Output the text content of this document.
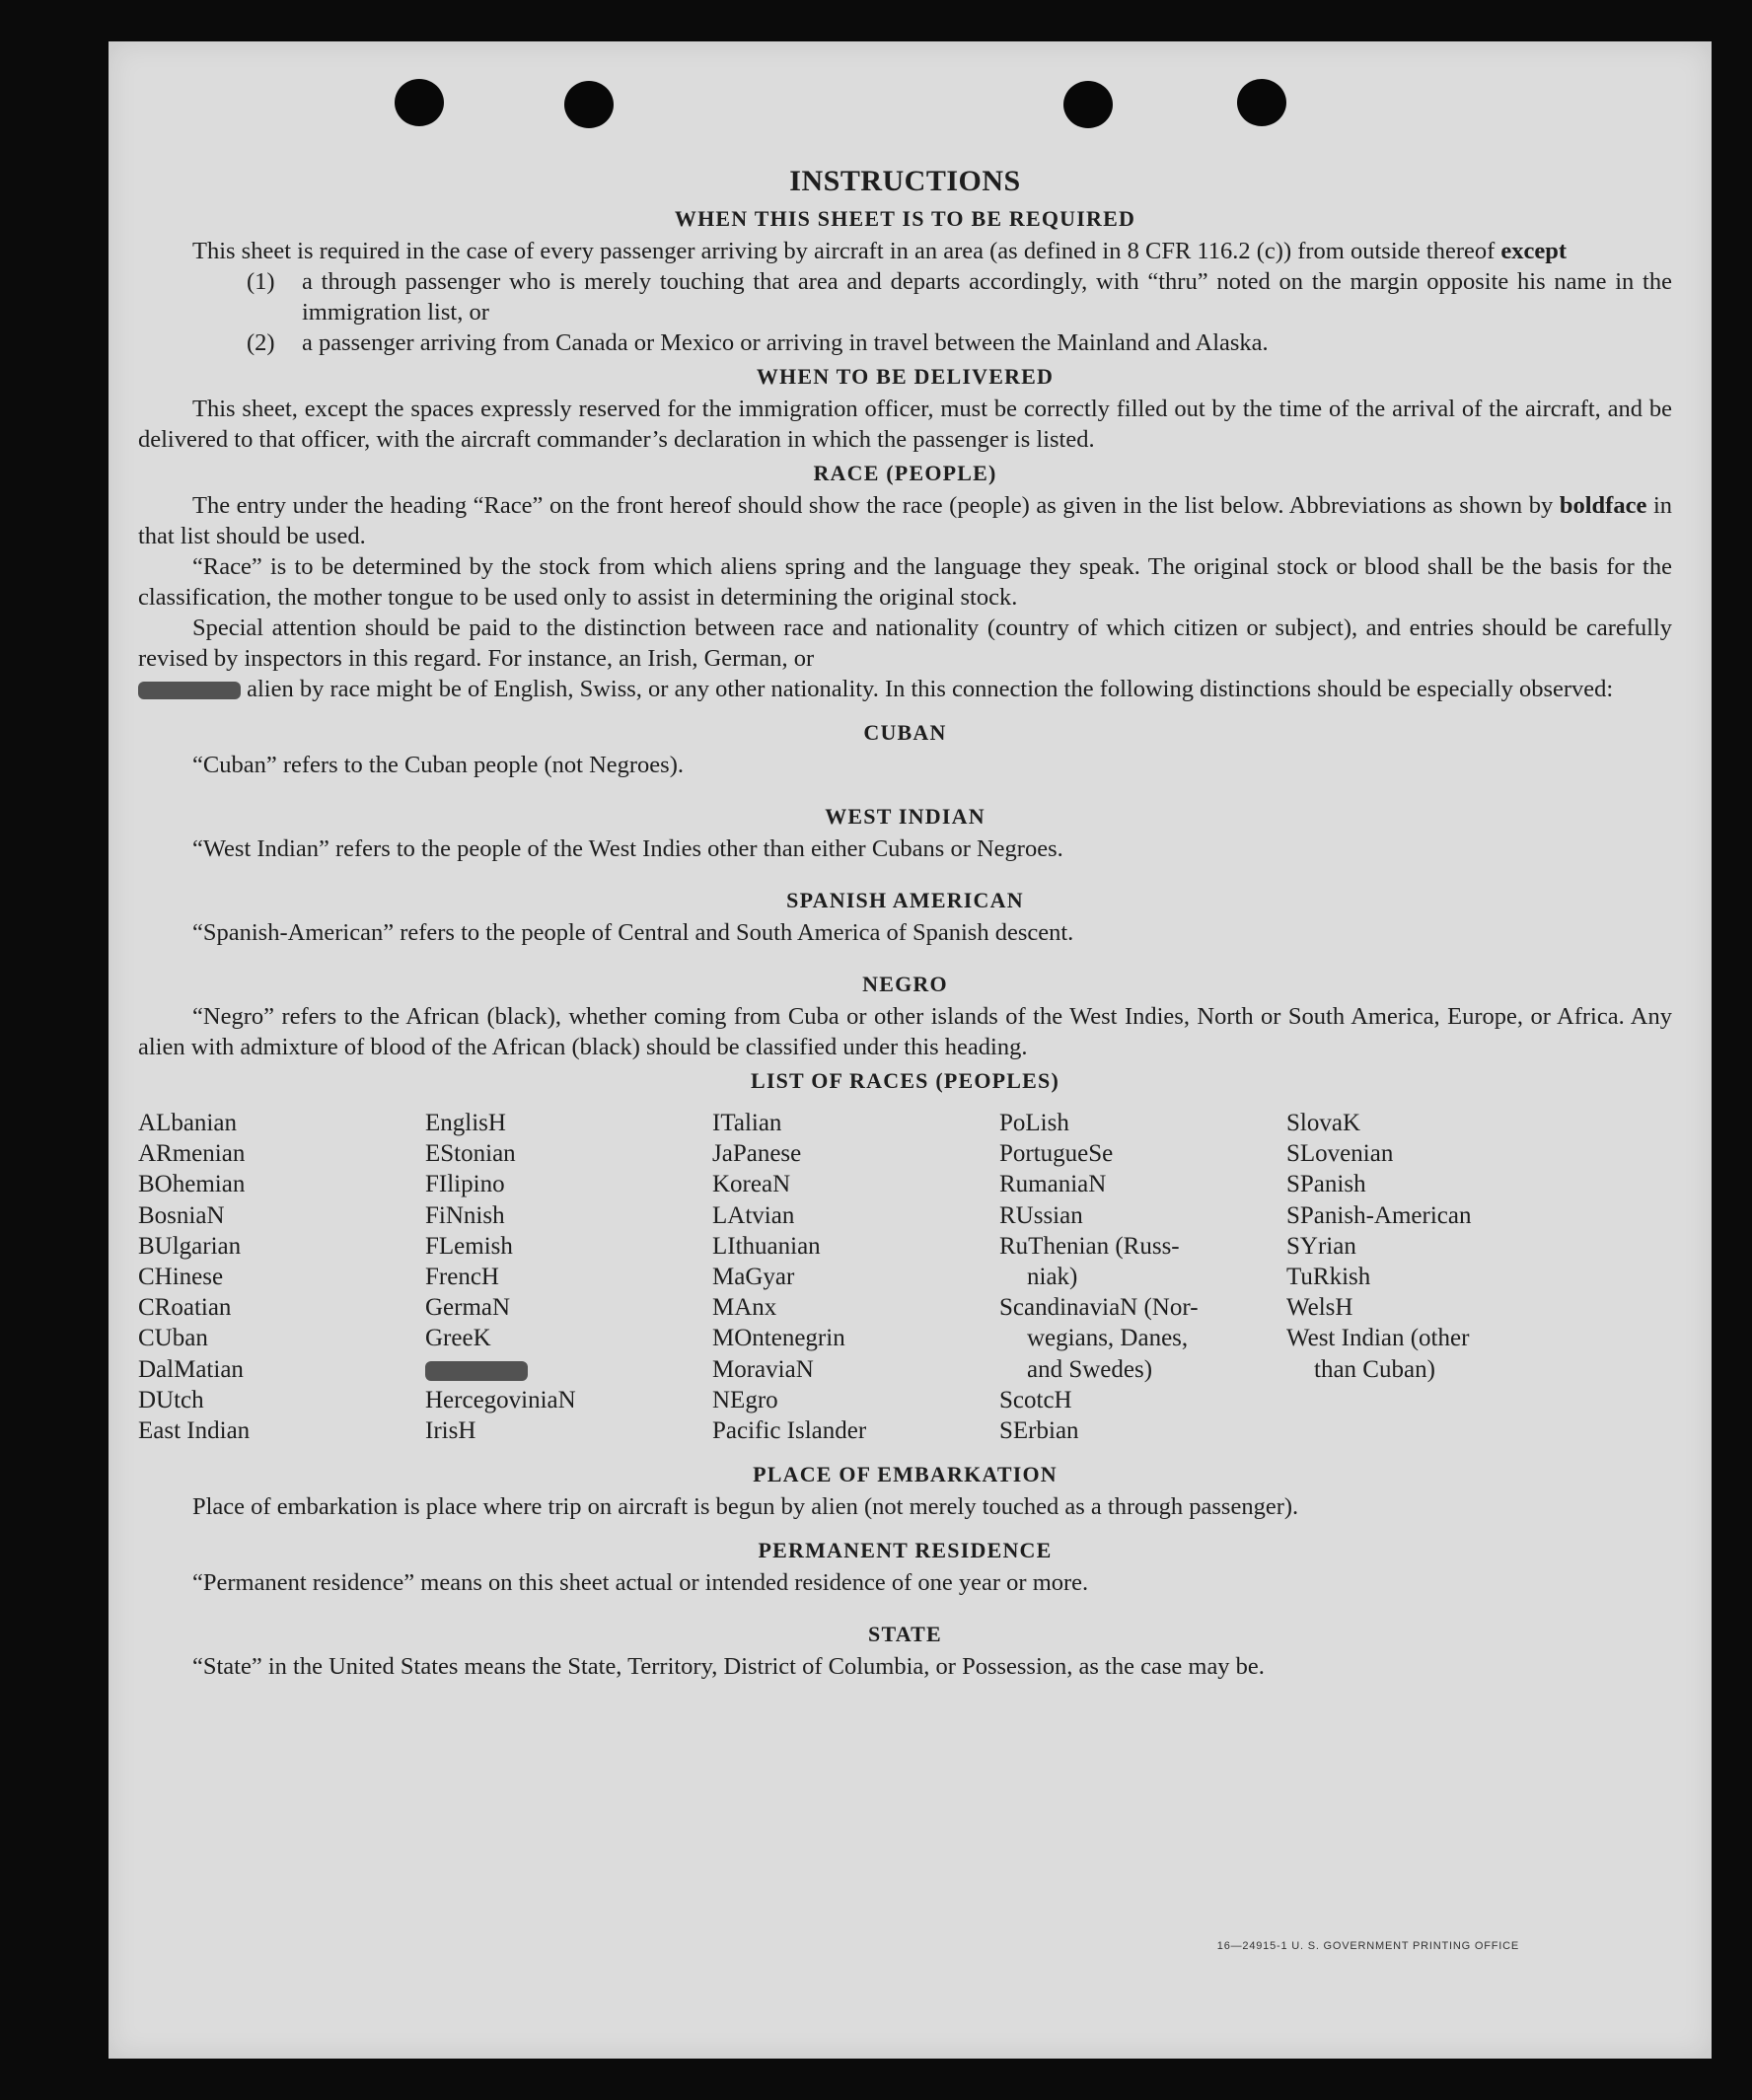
INSTRUCTIONS
WHEN THIS SHEET IS TO BE REQUIRED

This sheet is required in the case of every passenger arriving by aircraft in an area (as defined in 8 CFR 116.2 (c)) from outside thereof except

(1)	a through passenger who is merely touching that area and departs accordingly, with “thru” noted on the margin opposite his name in the immigration list, or
(2)	a passenger arriving from Canada or Mexico or arriving in travel between the Mainland and Alaska.
WHEN TO BE DELIVERED

This sheet, except the spaces expressly reserved for the immigration officer, must be correctly filled out by the time of the arrival of the aircraft, and be delivered to that officer, with the aircraft commander’s declaration in which the passenger is listed.

RACE (PEOPLE)

The entry under the heading “Race” on the front hereof should show the race (people) as given in the list below. Abbreviations as shown by boldface in that list should be used.

“Race” is to be determined by the stock from which aliens spring and the language they speak. The original stock or blood shall be the basis for the classification, the mother tongue to be used only to assist in determining the original stock.

Special attention should be paid to the distinction between race and nationality (country of which citizen or subject), and entries should be carefully revised by inspectors in this regard. For instance, an Irish, German, or
alien by race might be of English, Swiss, or any other nationality. In this connection the following distinctions should be especially observed:

CUBAN

“Cuban” refers to the Cuban people (not Negroes).

WEST INDIAN

“West Indian” refers to the people of the West Indies other than either Cubans or Negroes.

SPANISH AMERICAN

“Spanish-American” refers to the people of Central and South America of Spanish descent.

NEGRO

“Negro” refers to the African (black), whether coming from Cuba or other islands of the West Indies, North or South America, Europe, or Africa. Any alien with admixture of blood of the African (black) should be classified under this heading.

LIST OF RACES (PEOPLES)
ALbanian
ARmenian
BOhemian
BosniaN
BUlgarian
CHinese
CRoatian
CUban
DalMatian
DUtch
East Indian
EnglisH
EStonian
FIlipino
FiNnish
FLemish
FrencH
GermaN
GreeK
HercegoviniaN
IrisH
ITalian
JaPanese
KoreaN
LAtvian
LIthuanian
MaGyar
MAnx
MOntenegrin
MoraviaN
NEgro
Pacific Islander
PoLish
PortugueSe
RumaniaN
RUssian
RuThenian (Russ-
niak)
ScandinaviaN (Nor-
wegians, Danes,
and Swedes)
ScotcH
SErbian
SlovaK
SLovenian
SPanish
SPanish-American
SYrian
TuRkish
WelsH
West Indian (other
than Cuban)
PLACE OF EMBARKATION

Place of embarkation is place where trip on aircraft is begun by alien (not merely touched as a through passenger).

PERMANENT RESIDENCE

“Permanent residence” means on this sheet actual or intended residence of one year or more.

STATE

“State” in the United States means the State, Territory, District of Columbia, or Possession, as the case may be.

16—24915-1 U. S. GOVERNMENT PRINTING OFFICE
